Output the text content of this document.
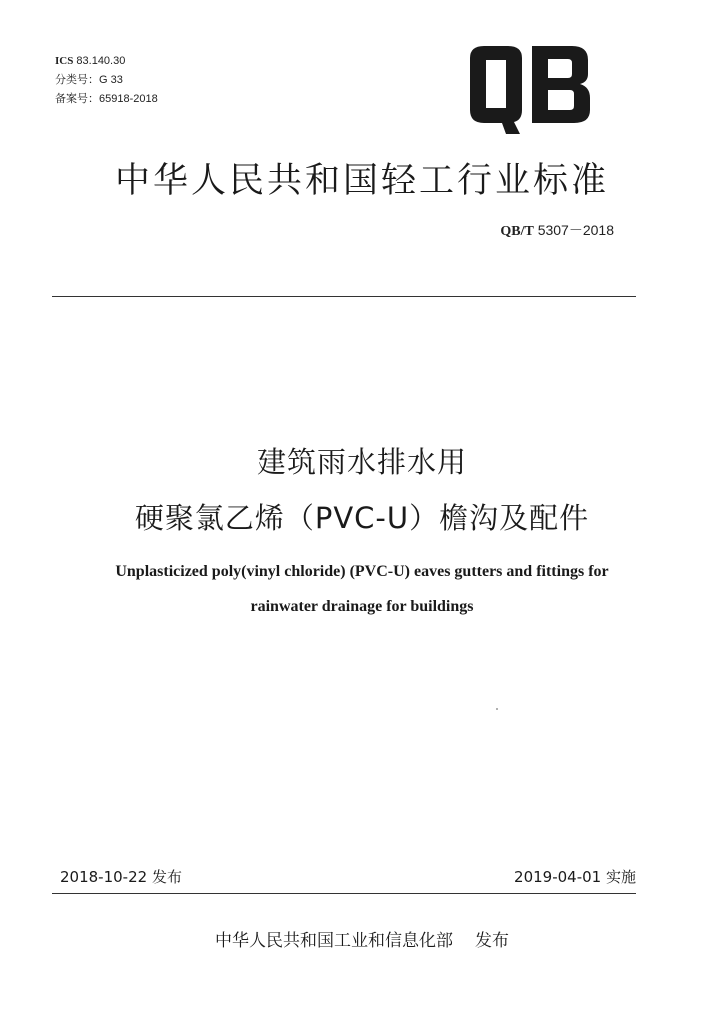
ICS 83.140.30
分类号：G 33
备案号：65918-2018
中华人民共和国轻工行业标准
QB/T 5307－2018
建筑雨水排水用
硬聚氯乙烯（PVC-U）檐沟及配件
Unplasticized poly(vinyl chloride) (PVC-U) eaves gutters and fittings for
rainwater drainage for buildings
2018-10-22 发布	2019-04-01 实施
中华人民共和国工业和信息化部 发布
